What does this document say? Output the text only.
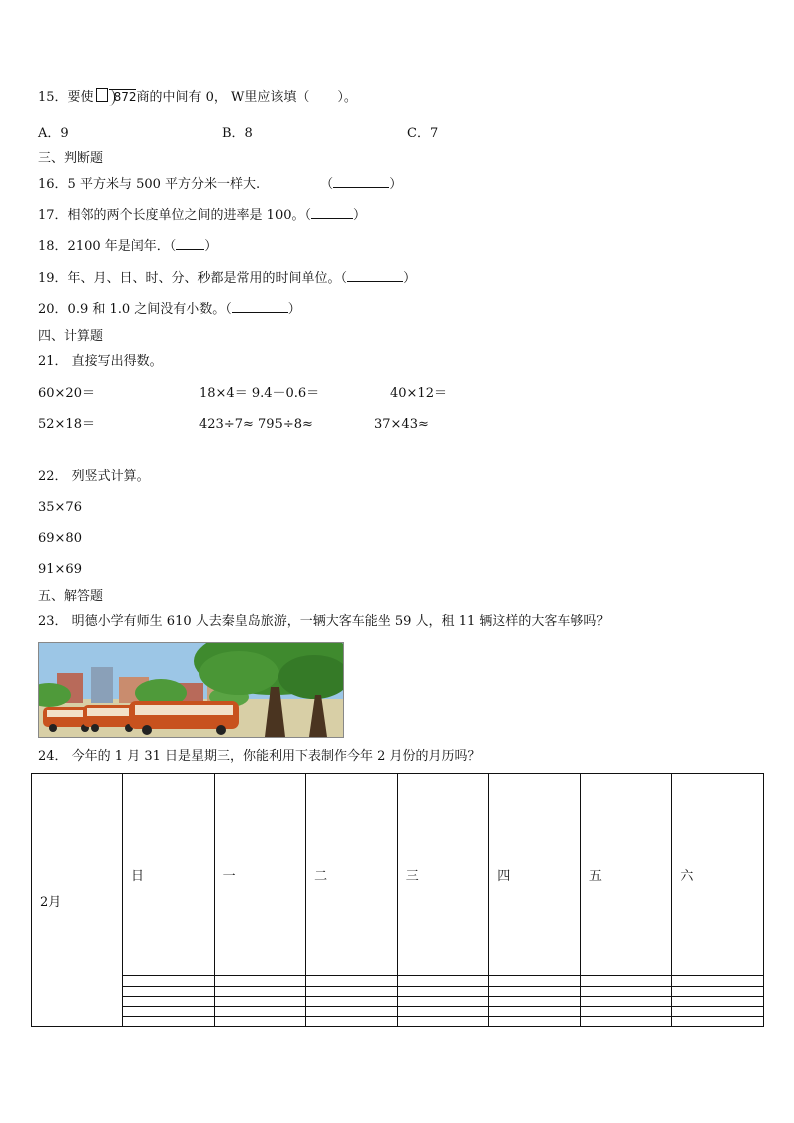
15．要使 872商的中间有 0， W里应该填（ ）。
A．9	B．8	C．7
三、判断题
16．5 平方米与 500 平方分米一样大.	（	）
17．相邻的两个长度单位之间的进率是 100。（	）
18．2100 年是闰年．（ ）
19．年、月、日、时、分、秒都是常用的时间单位。（	）
20．0.9 和 1.0 之间没有小数。（	）
四、计算题
21． 直接写出得数。
60×20＝	18×4＝ 9.4－0.6＝	40×12＝
52×18＝	423÷7≈ 795÷8≈	37×43≈
22． 列竖式计算。
35×76
69×80
91×69
五、解答题
23． 明德小学有师生 610 人去秦皇岛旅游，一辆大客车能坐 59 人，租 11 辆这样的大客车够吗？
24． 今年的 1 月 31 日是星期三，你能利用下表制作今年 2 月份的月历吗？
2月	日	一	二	三	四	五	六
